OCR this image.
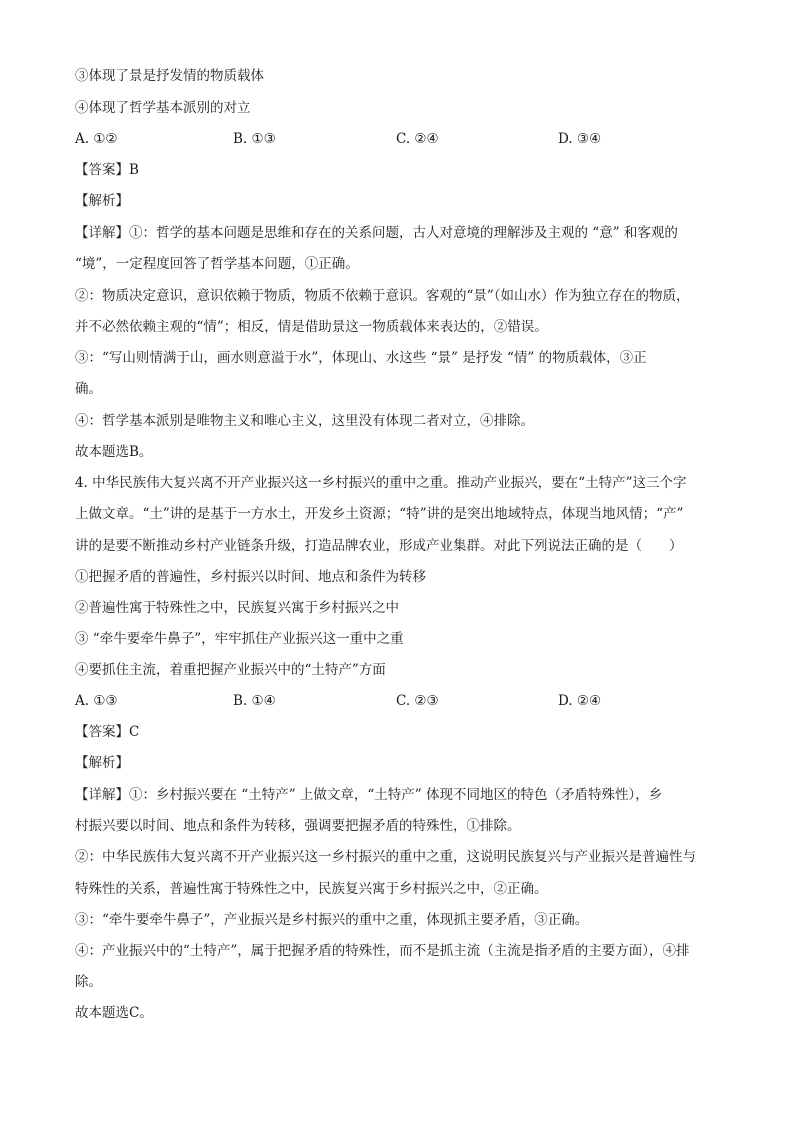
③体现了景是抒发情的物质载体
④体现了哲学基本派别的对立
A. ①②	B. ①③	C. ②④	D. ③④
【答案】B
【解析】
【详解】①：哲学的基本问题是思维和存在的关系问题，古人对意境的理解涉及主观的 “意” 和客观的
“境”，一定程度回答了哲学基本问题，①正确。
②：物质决定意识，意识依赖于物质，物质不依赖于意识。客观的“景”（如山水）作为独立存在的物质，
并不必然依赖主观的“情”；相反，情是借助景这一物质载体来表达的，②错误。
③：“写山则情满于山，画水则意溢于水”，体现山、水这些 “景” 是抒发 “情” 的物质载体，③正
确。
④：哲学基本派别是唯物主义和唯心主义，这里没有体现二者对立，④排除。
故本题选B。
4. 中华民族伟大复兴离不开产业振兴这一乡村振兴的重中之重。推动产业振兴，要在“土特产”这三个字
上做文章。“土”讲的是基于一方水土，开发乡土资源；“特”讲的是突出地域特点，体现当地风情；“产”
讲的是要不断推动乡村产业链条升级，打造品牌农业，形成产业集群。对此下列说法正确的是（　　）
①把握矛盾的普遍性，乡村振兴以时间、地点和条件为转移
②普遍性寓于特殊性之中，民族复兴寓于乡村振兴之中
③ “牵牛要牵牛鼻子”，牢牢抓住产业振兴这一重中之重
④要抓住主流，着重把握产业振兴中的“土特产”方面
A. ①③	B. ①④	C. ②③	D. ②④
【答案】C
【解析】
【详解】①：乡村振兴要在 “土特产” 上做文章，“土特产” 体现不同地区的特色（矛盾特殊性），乡
村振兴要以时间、地点和条件为转移，强调要把握矛盾的特殊性，①排除。
②：中华民族伟大复兴离不开产业振兴这一乡村振兴的重中之重，这说明民族复兴与产业振兴是普遍性与
特殊性的关系，普遍性寓于特殊性之中，民族复兴寓于乡村振兴之中，②正确。
③：“牵牛要牵牛鼻子”，产业振兴是乡村振兴的重中之重，体现抓主要矛盾，③正确。
④：产业振兴中的“土特产”，属于把握矛盾的特殊性，而不是抓主流（主流是指矛盾的主要方面），④排
除。
故本题选C。
